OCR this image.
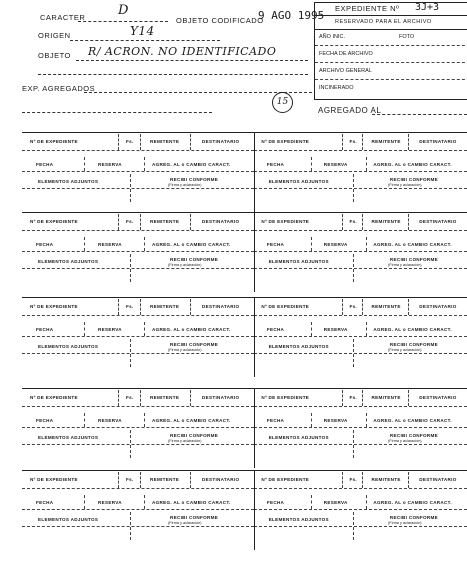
CARACTER	D
OBJETO CODIFICADO
9 AGO 1995
ORIGEN	Y14
OBJETO R/ ACRON. NO IDENTIFICADO
EXP. AGREGADOS
15
AGREGADO AL
EXPEDIENTE Nº 3J+3
RESERVADO PARA EL ARCHIVO
AÑO INIC.	FOTO
FECHA DE ARCHIVO
ARCHIVO GENERAL
INCINERADO
Nº DE EXPEDIENTE	Fs.	REMITENTE	DESTINATARIO
FECHA	RESERVA	AGREG. AL o CAMBIO CARACT.
ELEMENTOS ADJUNTOS	RECIBI CONFORME
(Firma y aclaración)
Nº DE EXPEDIENTE	Fs.	REMITENTE	DESTINATARIO
FECHA	RESERVA	AGREG. AL o CAMBIO CARACT.
ELEMENTOS ADJUNTOS	RECIBI CONFORME
(Firma y aclaración)
Nº DE EXPEDIENTE	Fs.	REMITENTE	DESTINATARIO
FECHA	RESERVA	AGREG. AL o CAMBIO CARACT.
ELEMENTOS ADJUNTOS	RECIBI CONFORME
(Firma y aclaración)
Nº DE EXPEDIENTE	Fs.	REMITENTE	DESTINATARIO
FECHA	RESERVA	AGREG. AL o CAMBIO CARACT.
ELEMENTOS ADJUNTOS	RECIBI CONFORME
(Firma y aclaración)
Nº DE EXPEDIENTE	Fs.	REMITENTE	DESTINATARIO
FECHA	RESERVA	AGREG. AL o CAMBIO CARACT.
ELEMENTOS ADJUNTOS	RECIBI CONFORME
(Firma y aclaración)
Nº DE EXPEDIENTE	Fs.	REMITENTE	DESTINATARIO
FECHA	RESERVA	AGREG. AL o CAMBIO CARACT.
ELEMENTOS ADJUNTOS	RECIBI CONFORME
(Firma y aclaración)
Nº DE EXPEDIENTE	Fs.	REMITENTE	DESTINATARIO
FECHA	RESERVA	AGREG. AL o CAMBIO CARACT.
ELEMENTOS ADJUNTOS	RECIBI CONFORME
(Firma y aclaración)
Nº DE EXPEDIENTE	Fs.	REMITENTE	DESTINATARIO
FECHA	RESERVA	AGREG. AL o CAMBIO CARACT.
ELEMENTOS ADJUNTOS	RECIBI CONFORME
(Firma y aclaración)
Nº DE EXPEDIENTE	Fs.	REMITENTE	DESTINATARIO
FECHA	RESERVA	AGREG. AL o CAMBIO CARACT.
ELEMENTOS ADJUNTOS	RECIBI CONFORME
(Firma y aclaración)
Nº DE EXPEDIENTE	Fs.	REMITENTE	DESTINATARIO
FECHA	RESERVA	AGREG. AL o CAMBIO CARACT.
ELEMENTOS ADJUNTOS	RECIBI CONFORME
(Firma y aclaración)
